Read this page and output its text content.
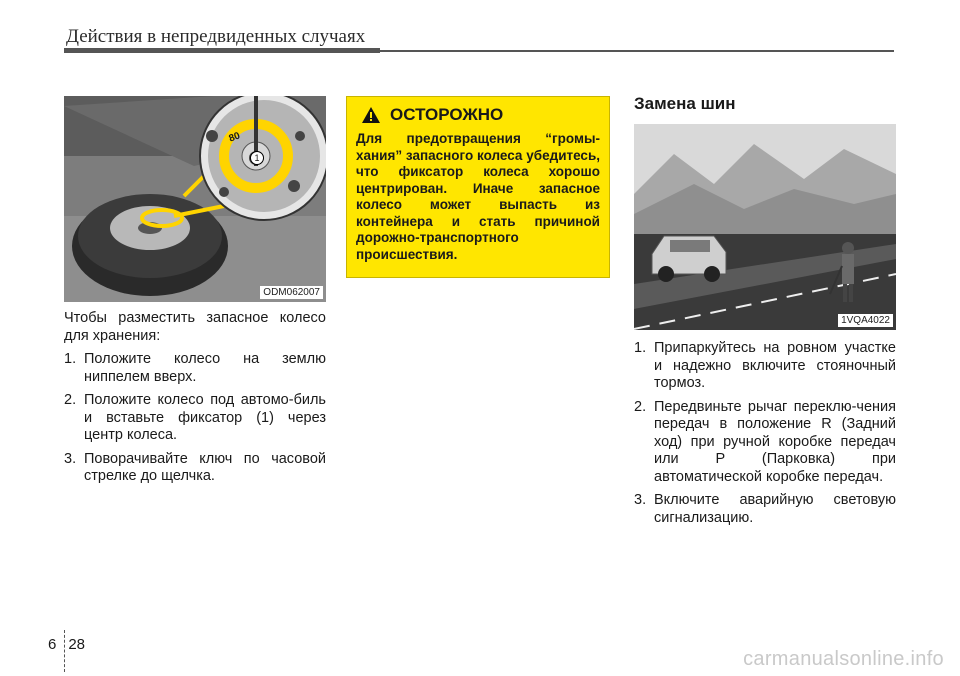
Действия в непредвиденных случаях
80
1
ODM062007

Чтобы разместить запасное колесо для хранения:

1. Положите колесо на землю ниппелем вверх.
2. Положите колесо под автомо-биль и вставьте фиксатор (1) через центр колеса.
3. Поворачивайте ключ по часовой стрелке до щелчка.
ОСТОРОЖНО

Для предотвращения “громы-хания” запасного колеса убедитесь, что фиксатор колеса хорошо центрирован. Иначе запасное колесо может выпасть из контейнера и стать причиной дорожно-транспортного происшествия.

Замена шин
1VQA4022
1. Припаркуйтесь на ровном участке и надежно включите стояночный тормоз.
2. Передвиньте рычаг переклю-чения передач в положение R (Задний ход) при ручной коробке передач или P (Парковка) при автоматической коробке передач.
3. Включите аварийную световую сигнализацию.
6 28
carmanualsonline.info
